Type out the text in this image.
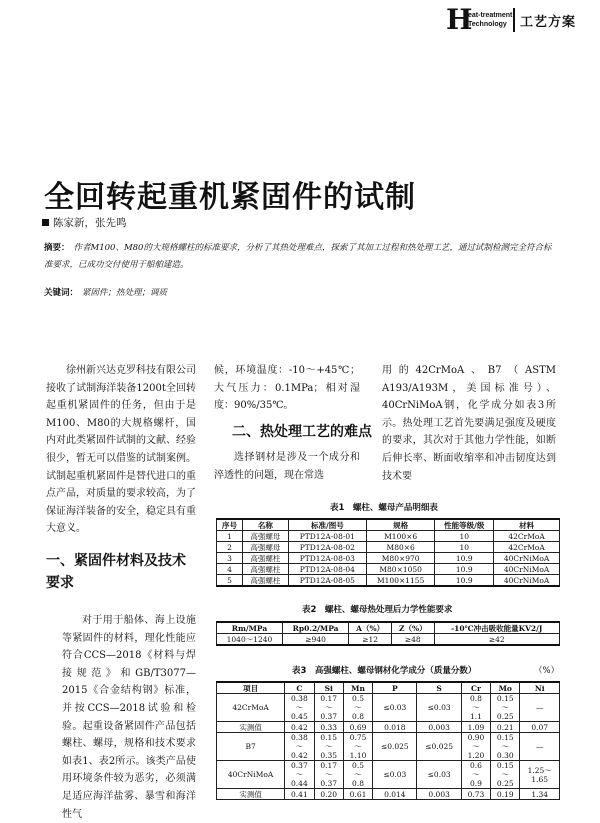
H
eat-treatment
Technology	工艺方案
全回转起重机紧固件的试制
陈家新，张先鸣
摘要： 作者M100、M80的大规格螺柱的标准要求，分析了其热处理难点，探索了其加工过程和热处理工艺，通过试制检测完全符合标准要求，已成功交付使用于船舶建造。
关键词： 紧固件；热处理；调质

徐州新兴达克罗科技有限公司接收了试制海洋装备1200t全回转起重机紧固件的任务，但由于是M100、M80的大规格螺杆，国内对此类紧固件试制的文献、经验很少，暂无可以借鉴的试制案例。试制起重机紧固件是替代进口的重点产品，对质量的要求较高，为了保证海洋装备的安全，稳定具有重大意义。

一、紧固件材料及技术要求

对于用于船体、海上设施等紧固件的材料，理化性能应符合CCS—2018《材料与焊接规范》和GB/T3077—2015《合金结构钢》标准，并按CCS—2018试验和检验。起重设备紧固件产品包括螺柱、螺母，规格和技术要求如表1、表2所示。该类产品使用环境条件较为恶劣，必须满足适应海洋盐雾、暴雪和海洋性气

候，环境温度：-10～+45℃；大气压力：0.1MPa；相对湿度：90%/35℃。

二、热处理工艺的难点

选择钢材是涉及一个成分和淬透性的问题，现在常选

用的42CrMoA、B7（ASTM A193/A193M，美国标准号）、40CrNiMoA钢，化学成分如表3所示。热处理工艺首先要满足强度及硬度的要求，其次对于其他力学性能，如断后伸长率、断面收缩率和冲击韧度达到技术要

表1　螺柱、螺母产品明细表
序号	名称	标准/图号	规格	性能等级/级	材料
1	高强螺母	PTD12A-08-01	M100×6	10	42CrMoA
2	高强螺母	PTD12A-08-02	M80×6	10	42CrMoA
3	高强螺柱	PTD12A-08-03	M80×970	10.9	40CrNiMoA
4	高强螺柱	PTD12A-08-04	M80×1050	10.9	40CrNiMoA
5	高强螺柱	PTD12A-08-05	M100×1155	10.9	40CrNiMoA
表2　螺柱、螺母热处理后力学性能要求
Rm/MPa	Rp0.2/MPa	A（%）	Z（%）	-10℃冲击吸收能量KV2/J
1040～1240	≥940	≥12	≥48	≥42
表3　高强螺柱、螺母钢材化学成分（质量分数）	（%）
项目	C	Si	Mn	P	S	Cr	Mo	Ni
42CrMoA	0.38
～
0.45	0.17
～
0.37	0.5
～
0.8	≤0.03	≤0.03	0.8
～
1.1	0.15
～
0.25	—
实测值	0.42	0.33	0.69	0.018	0.003	1.09	0.21	0.07
B7	0.38
～
0.42	0.15
～
0.35	0.75
～
1.10	≤0.025	≤0.025	0.90
～
1.20	0.15
～
0.30	—
40CrNiMoA	0.37
～
0.44	0.17
～
0.37	0.5
～
0.8	≤0.03	≤0.03	0.6
～
0.9	0.15
～
0.25	1.25～
1.65
实测值	0.41	0.20	0.61	0.014	0.003	0.73	0.19	1.34
